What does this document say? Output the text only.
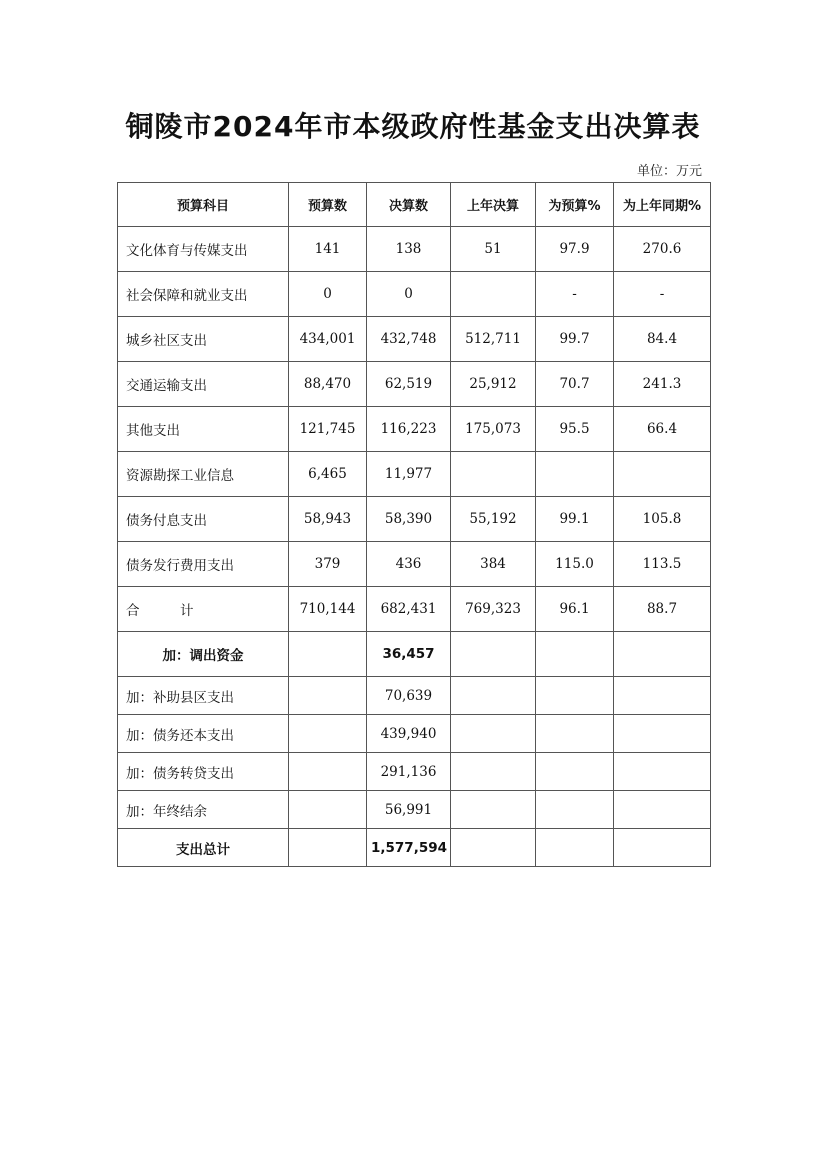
铜陵市2024年市本级政府性基金支出决算表
单位：万元
预算科目	预算数	决算数	上年决算	为预算%	为上年同期%
文化体育与传媒支出	141	138	51	97.9	270.6
社会保障和就业支出	0	0		-	-
城乡社区支出	434,001	432,748	512,711	99.7	84.4
交通运输支出	88,470	62,519	25,912	70.7	241.3
其他支出	121,745	116,223	175,073	95.5	66.4
资源勘探工业信息	6,465	11,977			
债务付息支出	58,943	58,390	55,192	99.1	105.8
债务发行费用支出	379	436	384	115.0	113.5
合　　　计	710,144	682,431	769,323	96.1	88.7
加：调出资金		36,457			
加：补助县区支出		70,639			
加：债务还本支出		439,940			
加：债务转贷支出		291,136			
加：年终结余		56,991			
支出总计		1,577,594			
